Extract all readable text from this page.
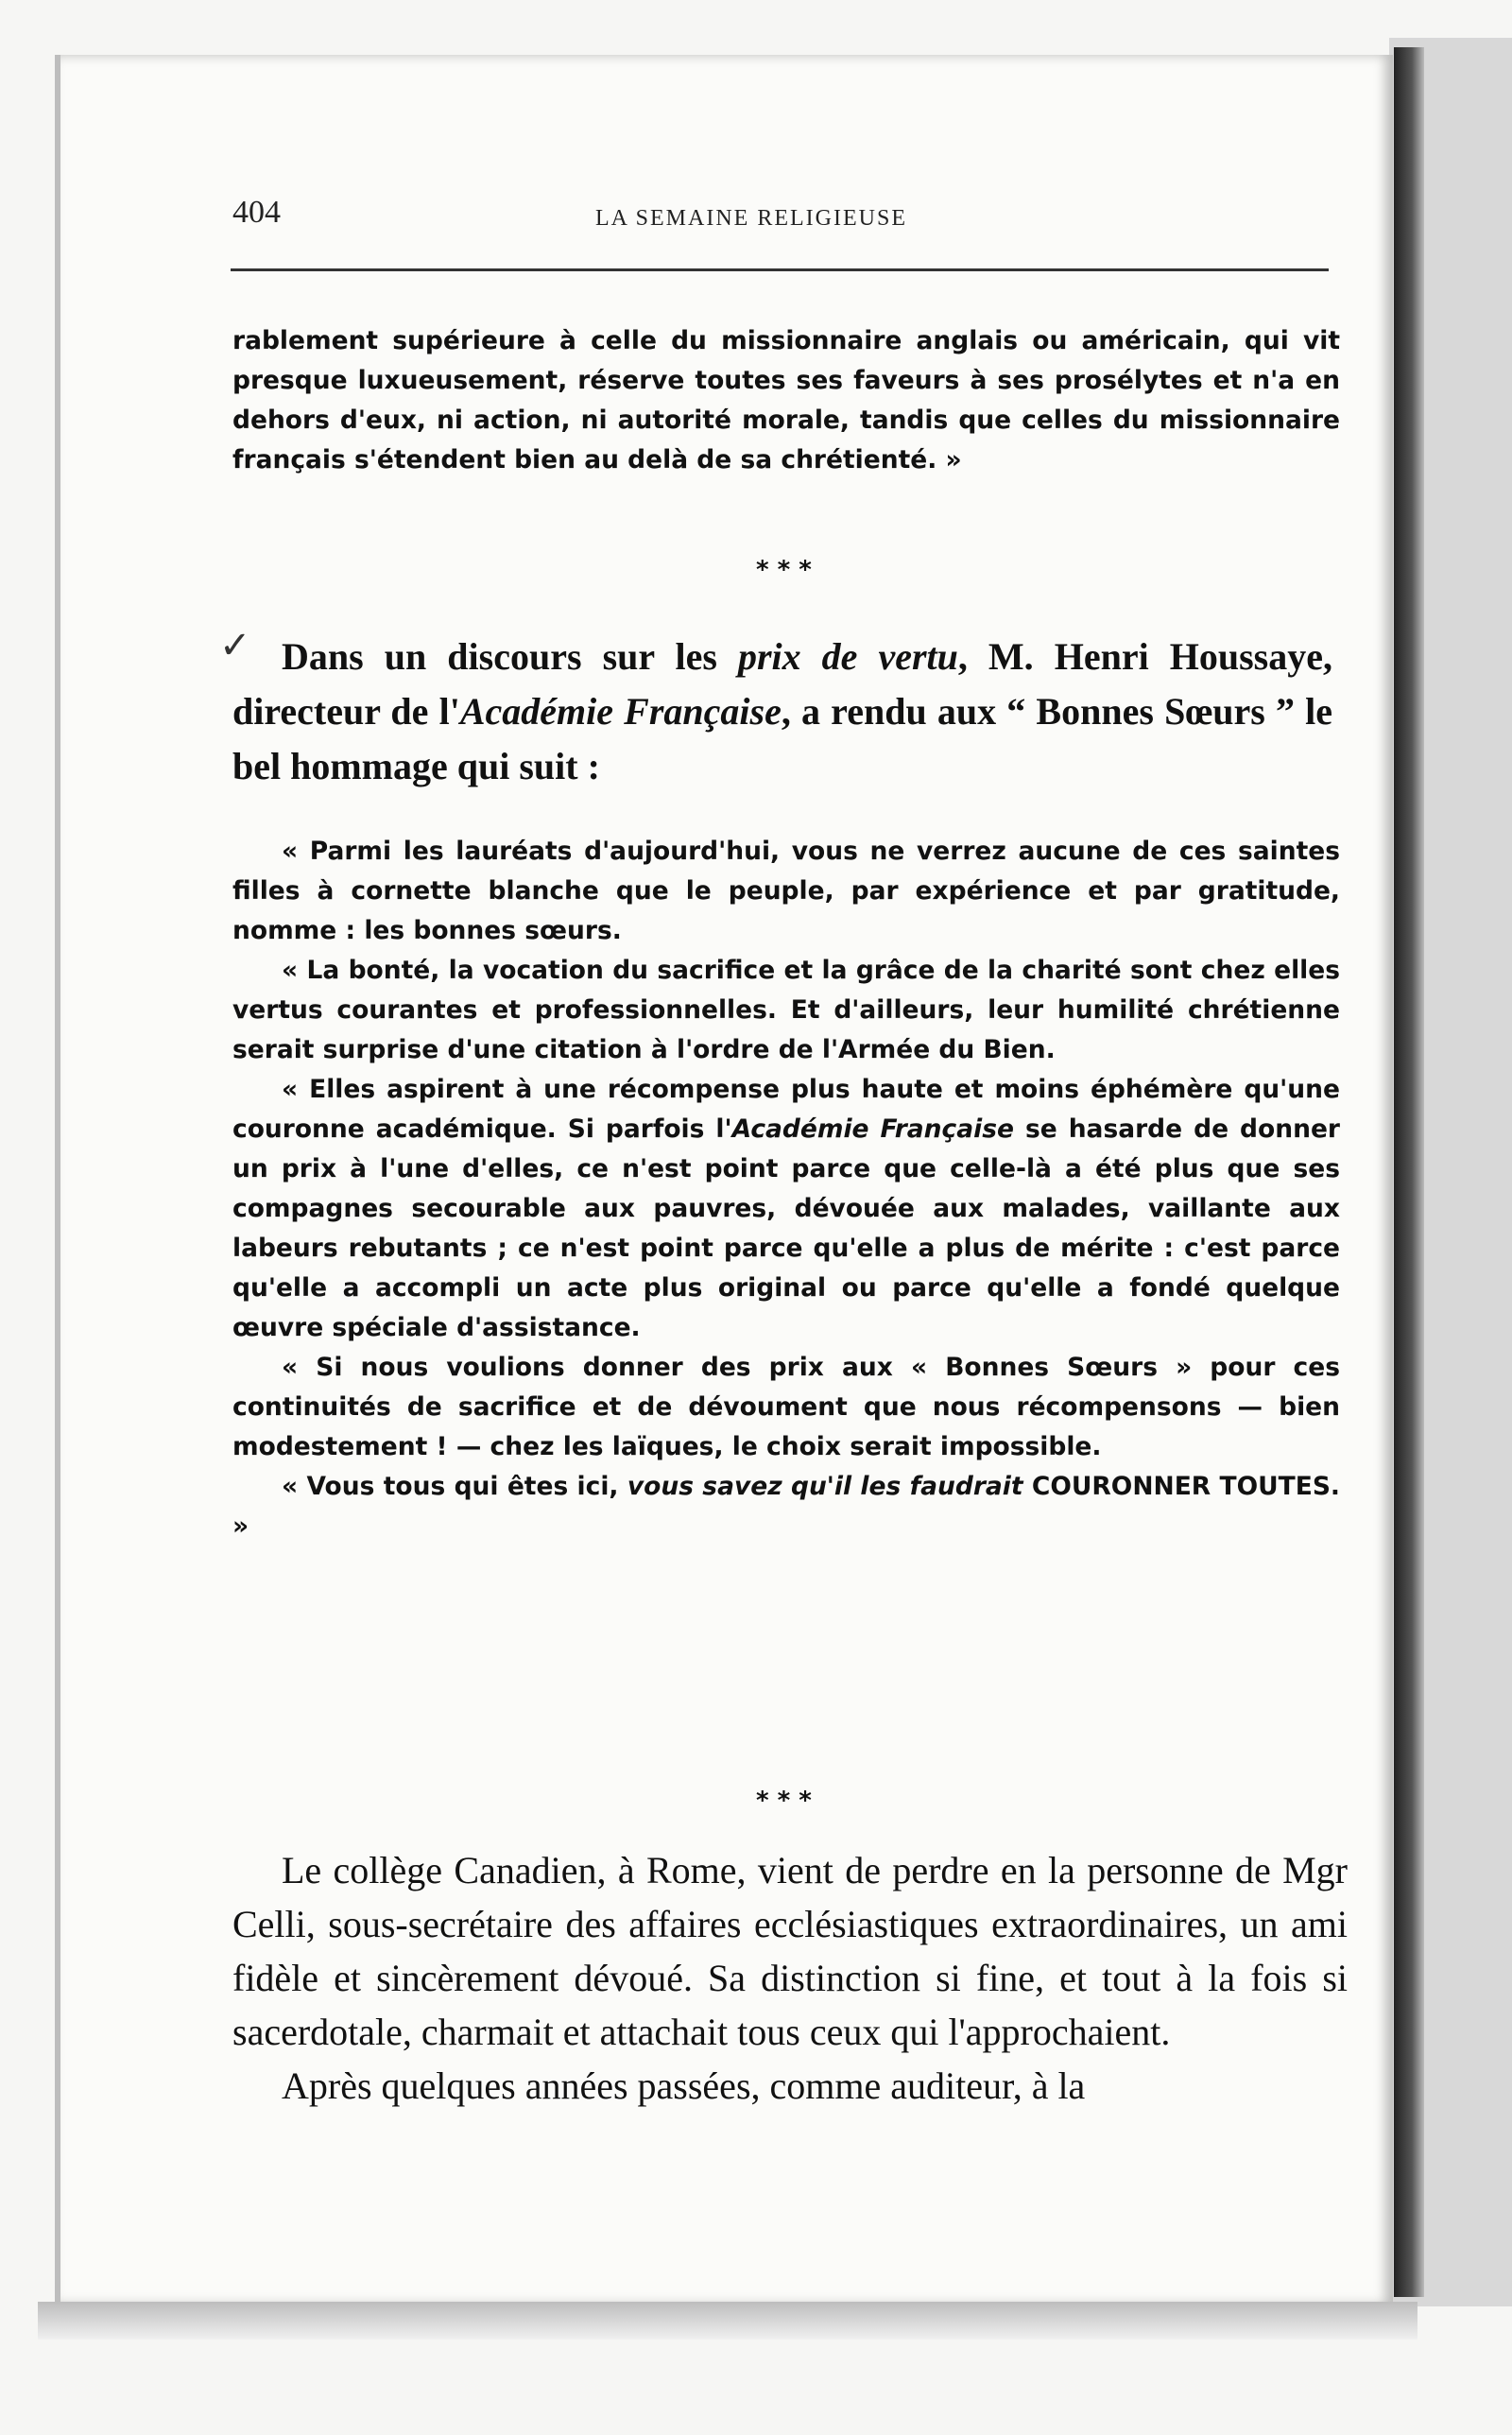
404	LA SEMAINE RELIGIEUSE

rablement supérieure à celle du missionnaire anglais ou américain, qui vit presque luxueusement, réserve toutes ses faveurs à ses prosélytes et n'a en dehors d'eux, ni action, ni autorité morale, tandis que celles du missionnaire français s'étendent bien au delà de sa chrétienté. »

* * *
✓ Dans un discours sur les prix de vertu, M. Henri Houssaye, directeur de l'Académie Française, a rendu aux “ Bonnes Sœurs ” le bel hommage qui suit :

« Parmi les lauréats d'aujourd'hui, vous ne verrez aucune de ces saintes filles à cornette blanche que le peuple, par expérience et par gratitude, nomme : les bonnes sœurs.

« La bonté, la vocation du sacrifice et la grâce de la charité sont chez elles vertus courantes et professionnelles. Et d'ailleurs, leur humilité chrétienne serait surprise d'une citation à l'ordre de l'Armée du Bien.

« Elles aspirent à une récompense plus haute et moins éphémère qu'une couronne académique. Si parfois l'Académie Française se hasarde de donner un prix à l'une d'elles, ce n'est point parce que celle-là a été plus que ses compagnes secourable aux pauvres, dévouée aux malades, vaillante aux labeurs rebutants ; ce n'est point parce qu'elle a plus de mérite : c'est parce qu'elle a accompli un acte plus original ou parce qu'elle a fondé quelque œuvre spéciale d'assistance.

« Si nous voulions donner des prix aux « Bonnes Sœurs » pour ces continuités de sacrifice et de dévoument que nous récompensons — bien modestement ! — chez les laïques, le choix serait impossible.

« Vous tous qui êtes ici, vous savez qu'il les faudrait COURONNER TOUTES. »

* * *

Le collège Canadien, à Rome, vient de perdre en la personne de Mgr Celli, sous-secrétaire des affaires ecclésiastiques extraordinaires, un ami fidèle et sincèrement dévoué. Sa distinction si fine, et tout à la fois si sacerdotale, charmait et attachait tous ceux qui l'approchaient.

Après quelques années passées, comme auditeur, à la
